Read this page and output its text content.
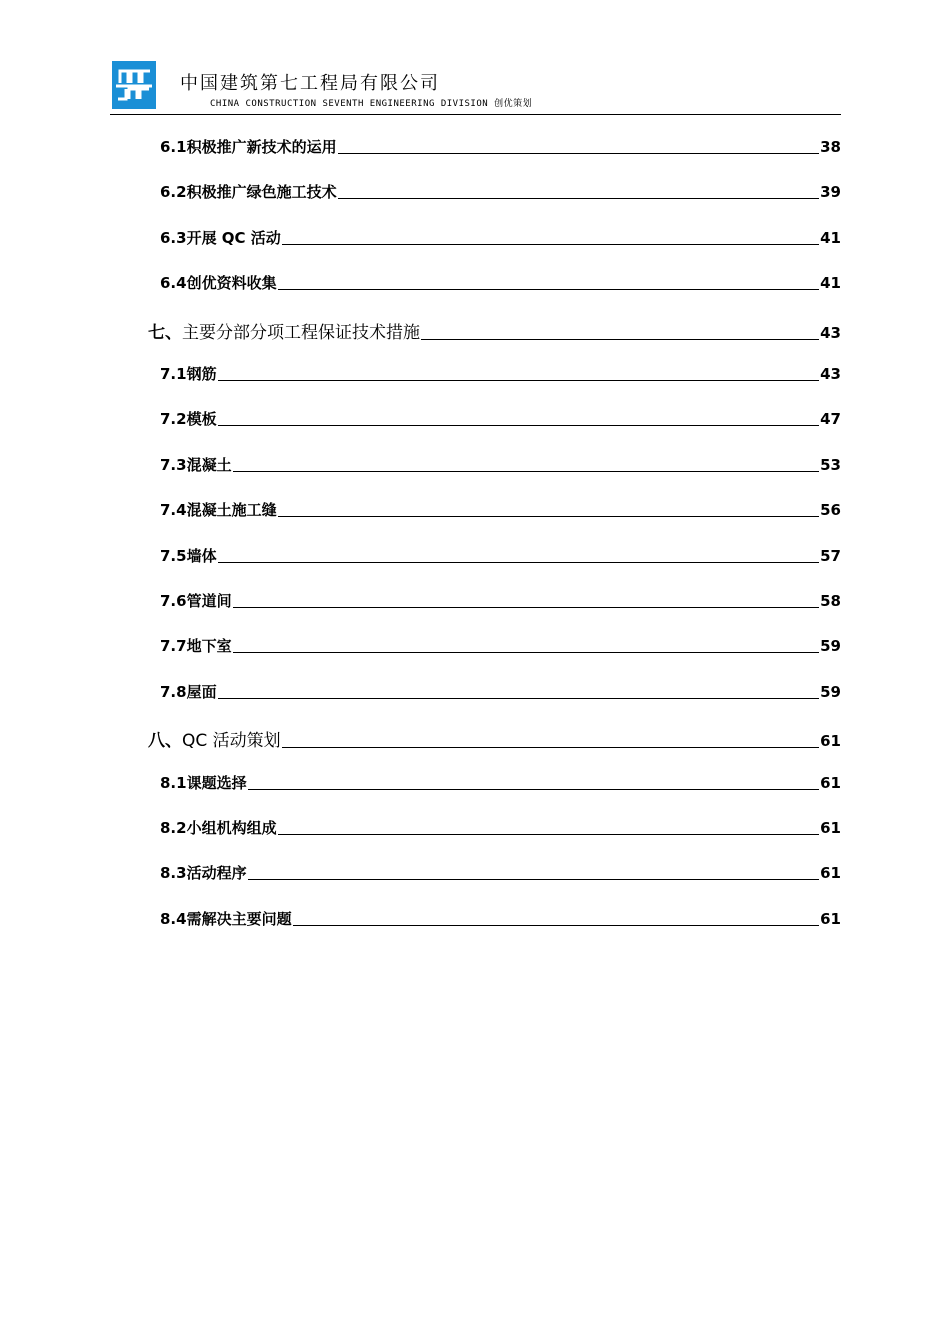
中国建筑第七工程局有限公司
CHINA CONSTRUCTION SEVENTH ENGINEERING DIVISION 创优策划
6.1积极推广新技术的运用	38
6.2积极推广绿色施工技术	39
6.3开展 QC 活动	41
6.4创优资料收集	41
七、主要分部分项工程保证技术措施	43
7.1钢筋	43
7.2模板	47
7.3混凝土	53
7.4混凝土施工缝	56
7.5墙体	57
7.6管道间	58
7.7地下室	59
7.8屋面	59
八、QC 活动策划	61
8.1课题选择	61
8.2小组机构组成	61
8.3活动程序	61
8.4需解决主要问题	61
